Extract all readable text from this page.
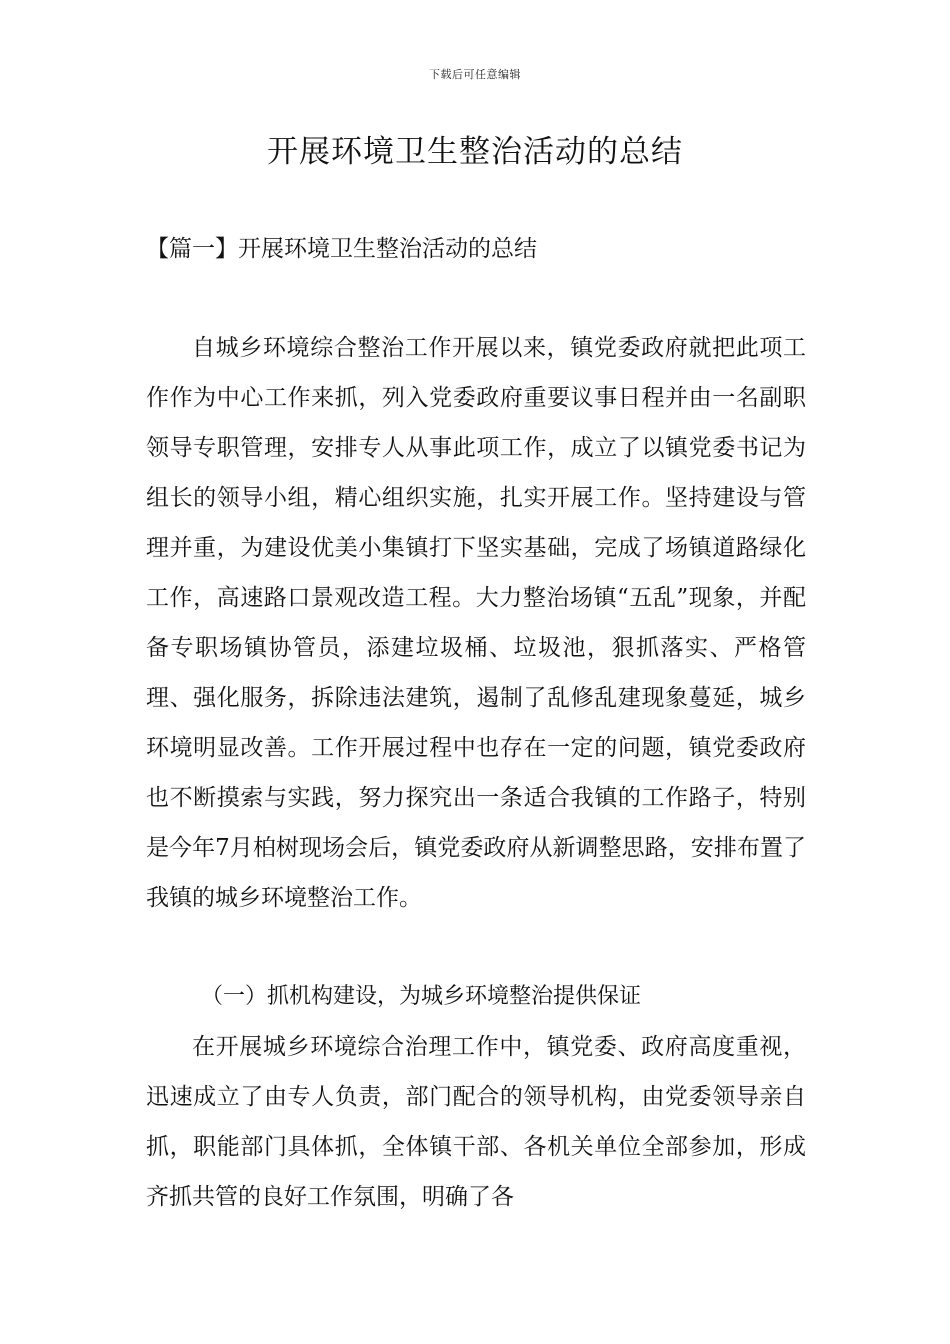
下载后可任意编辑
开展环境卫生整治活动的总结
【篇一】开展环境卫生整治活动的总结

自城乡环境综合整治工作开展以来，镇党委政府就把此项工作作为中心工作来抓，列入党委政府重要议事日程并由一名副职领导专职管理，安排专人从事此项工作，成立了以镇党委书记为组长的领导小组，精心组织实施，扎实开展工作。坚持建设与管理并重，为建设优美小集镇打下坚实基础，完成了场镇道路绿化工作，高速路口景观改造工程。大力整治场镇“五乱”现象，并配备专职场镇协管员，添建垃圾桶、垃圾池，狠抓落实、严格管理、强化服务，拆除违法建筑，遏制了乱修乱建现象蔓延，城乡环境明显改善。工作开展过程中也存在一定的问题，镇党委政府也不断摸索与实践，努力探究出一条适合我镇的工作路子，特别是今年7月柏树现场会后，镇党委政府从新调整思路，安排布置了我镇的城乡环境整治工作。

（一）抓机构建设，为城乡环境整治提供保证

在开展城乡环境综合治理工作中，镇党委、政府高度重视，迅速成立了由专人负责，部门配合的领导机构，由党委领导亲自抓，职能部门具体抓，全体镇干部、各机关单位全部参加，形成齐抓共管的良好工作氛围，明确了各
